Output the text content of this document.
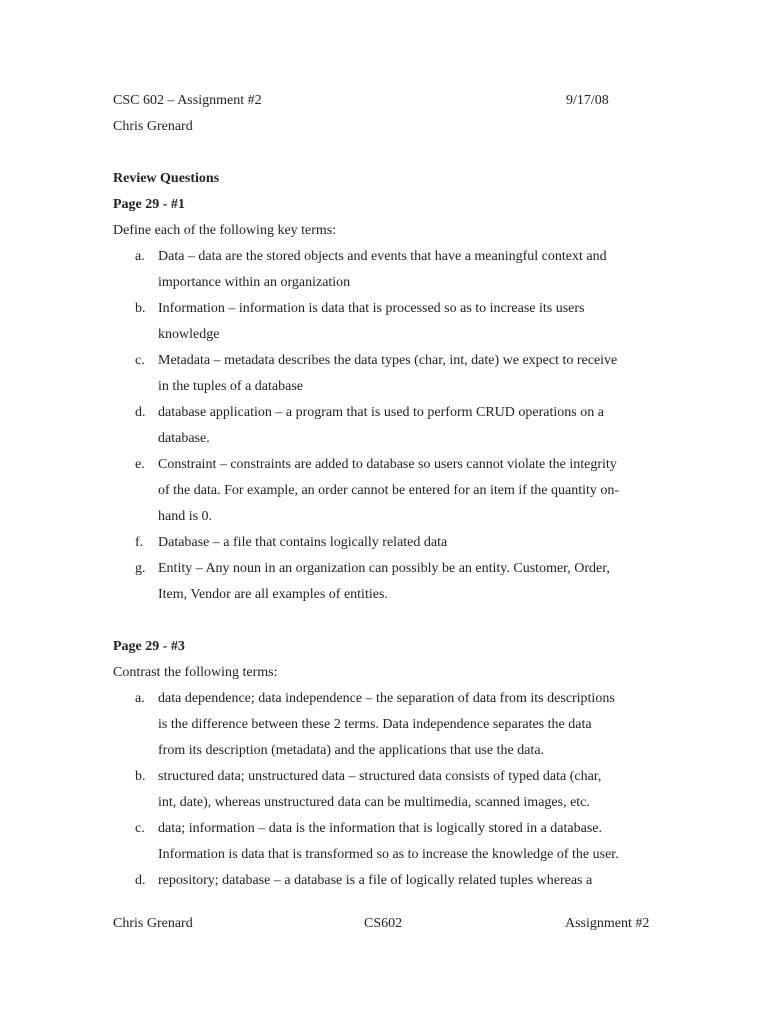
CSC 602 – Assignment #2	9/17/08
Chris Grenard
Review Questions
Page 29 - #1
Define each of the following key terms:
a. Data – data are the stored objects and events that have a meaningful context and
importance within an organization
b. Information – information is data that is processed so as to increase its users
knowledge
c. Metadata – metadata describes the data types (char, int, date) we expect to receive
in the tuples of a database
d. database application – a program that is used to perform CRUD operations on a
database.
e. Constraint – constraints are added to database so users cannot violate the integrity
of the data. For example, an order cannot be entered for an item if the quantity on-
hand is 0.
f.	Database – a file that contains logically related data
g. Entity – Any noun in an organization can possibly be an entity. Customer, Order,
Item, Vendor are all examples of entities.
Page 29 - #3
Contrast the following terms:
a. data dependence; data independence – the separation of data from its descriptions
is the difference between these 2 terms. Data independence separates the data
from its description (metadata) and the applications that use the data.
b. structured data; unstructured data – structured data consists of typed data (char,
int, date), whereas unstructured data can be multimedia, scanned images, etc.
c. data; information – data is the information that is logically stored in a database.
Information is data that is transformed so as to increase the knowledge of the user.
d. repository; database – a database is a file of logically related tuples whereas a
Chris Grenard	CS602	Assignment #2
